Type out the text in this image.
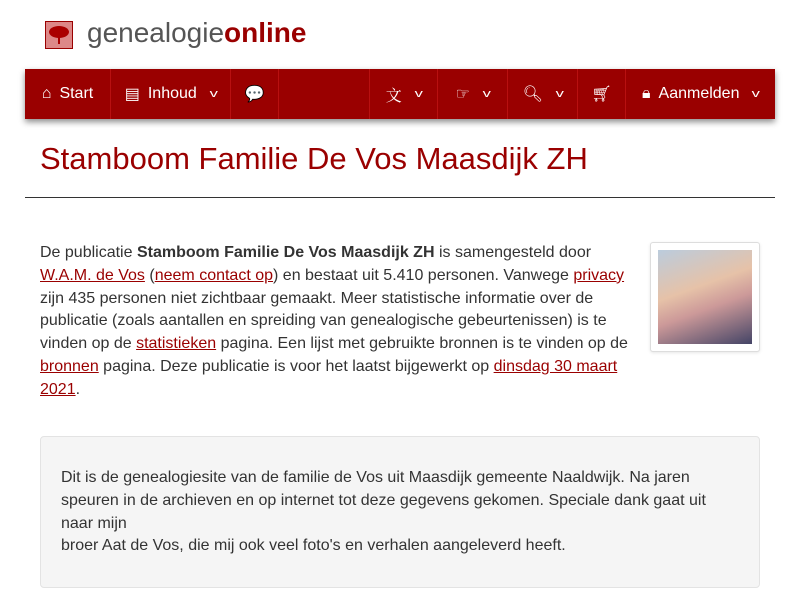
genealogieonline
⌂ Start ▤ Inhoud v 💬	文 v ☞ v 🔍︎ v 🛒︎ 🔒︎ Aanmelden v
Stamboom Familie De Vos Maasdijk ZH
De publicatie Stamboom Familie De Vos Maasdijk ZH is samengesteld door W.A.M. de Vos (neem contact op) en bestaat uit 5.410 personen. Vanwege privacy zijn 435 personen niet zichtbaar gemaakt. Meer statistische informatie over de publicatie (zoals aantallen en spreiding van genealogische gebeurtenissen) is te vinden op de statistieken pagina. Een lijst met gebruikte bronnen is te vinden op de bronnen pagina. Deze publicatie is voor het laatst bijgewerkt op dinsdag 30 maart 2021.
Dit is de genealogiesite van de familie de Vos uit Maasdijk gemeente Naaldwijk. Na jaren speuren in de archieven en op internet tot deze gegevens gekomen. Speciale dank gaat uit naar mijn
broer Aat de Vos, die mij ook veel foto's en verhalen aangeleverd heeft.
